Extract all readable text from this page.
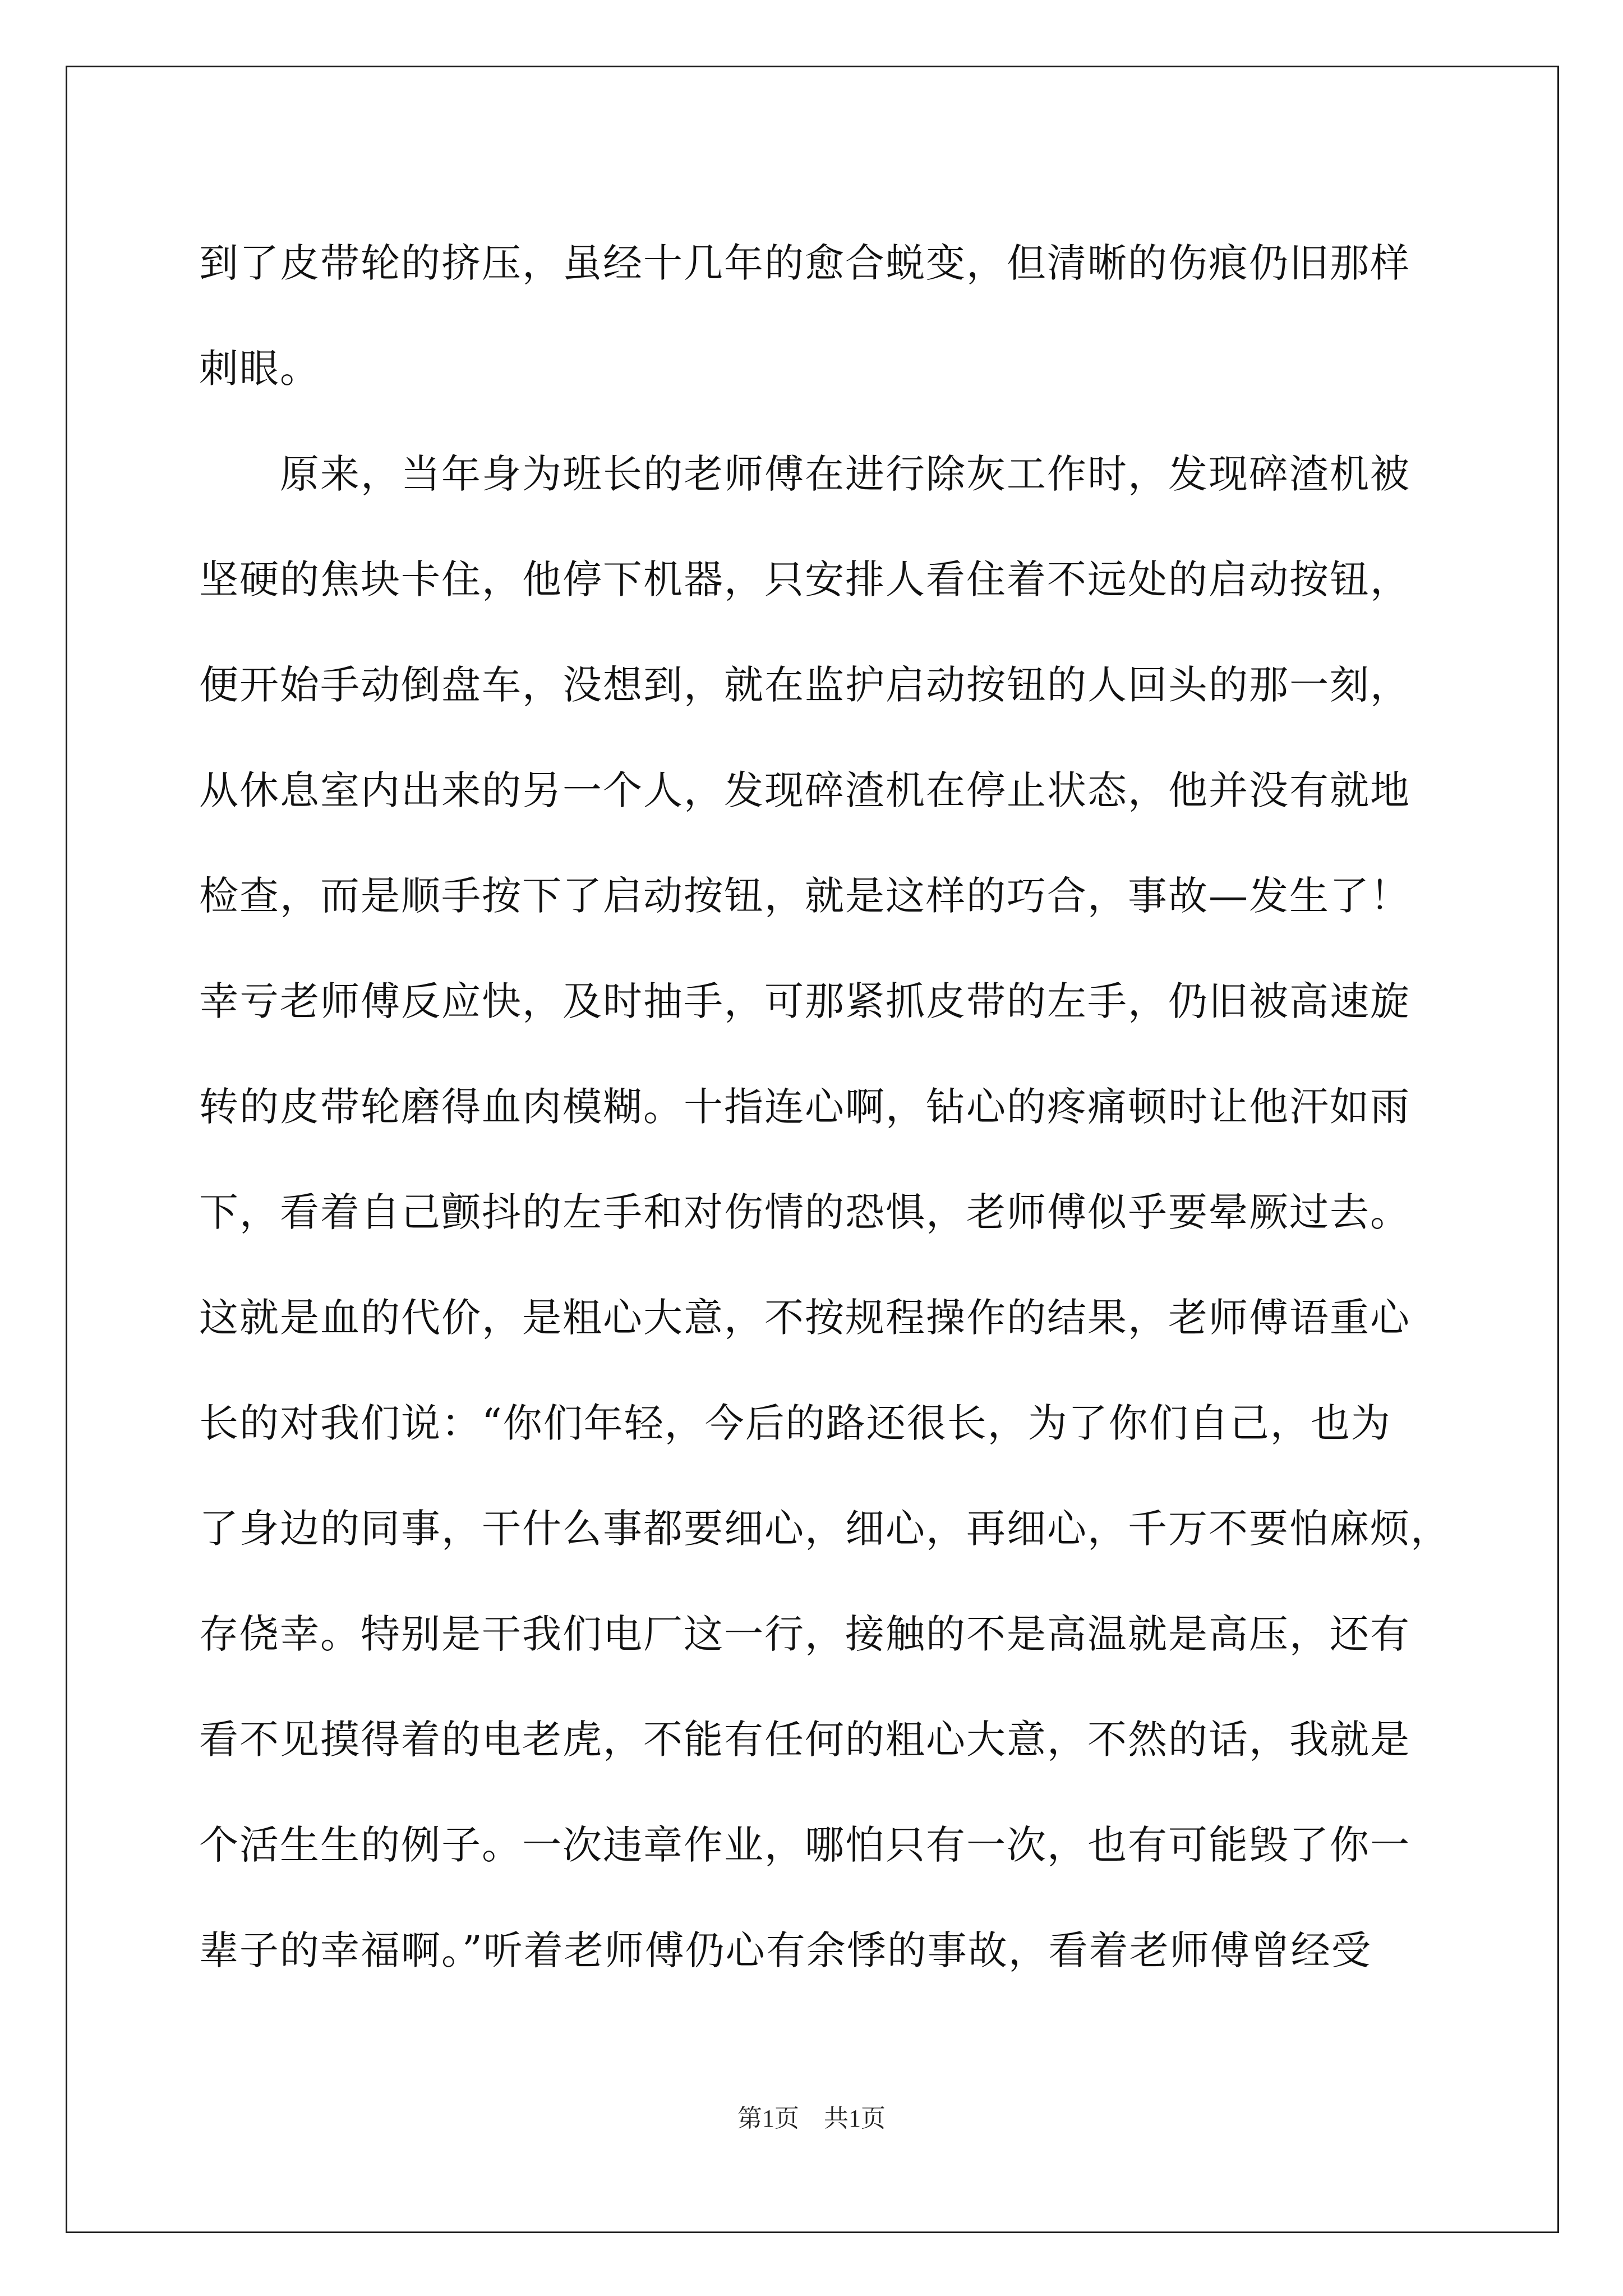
到了皮带轮的挤压，虽经十几年的愈合蜕变，但清晰的伤痕仍旧那样

刺眼。

　　原来，当年身为班长的老师傅在进行除灰工作时，发现碎渣机被

坚硬的焦块卡住，他停下机器，只安排人看住着不远处的启动按钮，

便开始手动倒盘车，没想到，就在监护启动按钮的人回头的那一刻，

从休息室内出来的另一个人，发现碎渣机在停止状态，他并没有就地

检查，而是顺手按下了启动按钮，就是这样的巧合，事故—发生了！

幸亏老师傅反应快，及时抽手，可那紧抓皮带的左手，仍旧被高速旋

转的皮带轮磨得血肉模糊。十指连心啊，钻心的疼痛顿时让他汗如雨

下，看着自己颤抖的左手和对伤情的恐惧，老师傅似乎要晕厥过去。

这就是血的代价，是粗心大意，不按规程操作的结果，老师傅语重心

长的对我们说：“你们年轻，今后的路还很长，为了你们自己，也为

了身边的同事，干什么事都要细心，细心，再细心，千万不要怕麻烦，

存侥幸。特别是干我们电厂这一行，接触的不是高温就是高压，还有

看不见摸得着的电老虎，不能有任何的粗心大意，不然的话，我就是

个活生生的例子。一次违章作业，哪怕只有一次，也有可能毁了你一

辈子的幸福啊。”听着老师傅仍心有余悸的事故，看着老师傅曾经受

第1页　共1页
